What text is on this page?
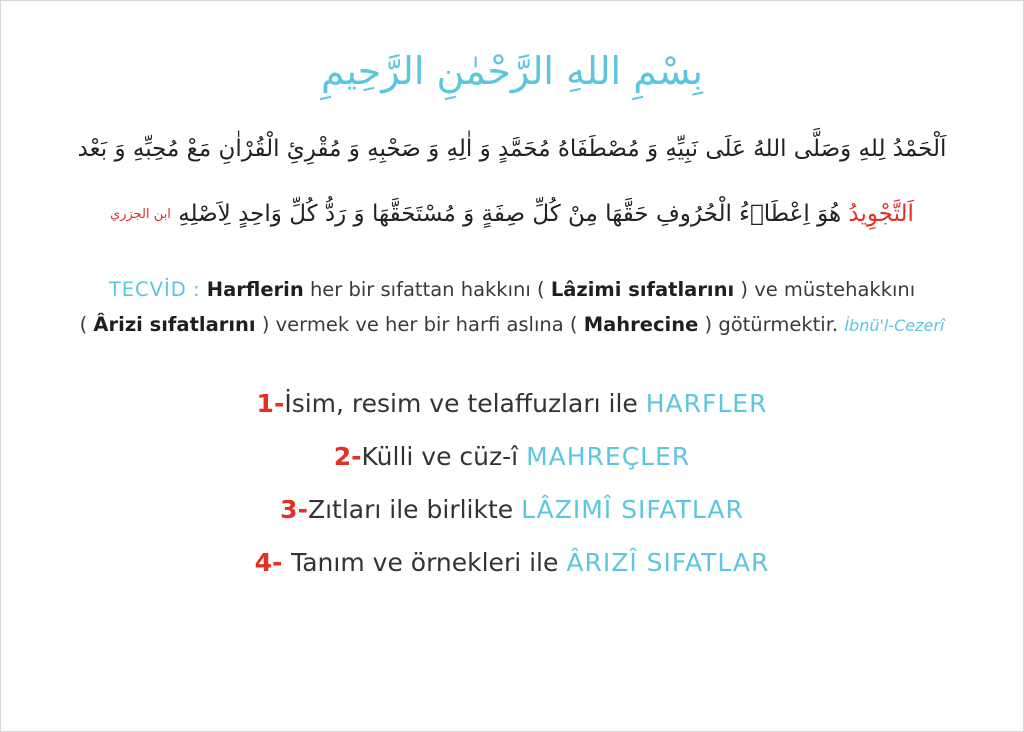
بِسْمِ اللهِ الرَّحْمٰنِ الرَّحِيمِ
اَلْحَمْدُ لِلهِ وَصَلَّى اللهُ عَلَى نَبِيِّهِ وَ مُصْطَفَاهُ مُحَمَّدٍ وَ اٰلِهِ وَ صَحْبِهِ وَ مُقْرِئِ الْقُرْاٰنِ مَعْ مُحِبِّهِ وَ بَعْد
اَلتَّجْوِيدُ هُوَ اِعْطَاۤءُ الْحُرُوفِ حَقَّهَا مِنْ كُلِّ صِفَةٍ وَ مُسْتَحَقَّهَا وَ رَدُّ كُلِّ وَاحِدٍ لِاَصْلِهِ ابن الجزري
TECVİD : Harflerin her bir sıfattan hakkını ( Lâzimi sıfatlarını ) ve müstehakkını
( Ârizi sıfatlarını ) vermek ve her bir harfi aslına ( Mahrecine ) götürmektir. İbnü'l-Cezerî
1-İsim, resim ve telaffuzları ile HARFLER
2-Külli ve cüz-î MAHREÇLER
3-Zıtları ile birlikte LÂZIMÎ SIFATLAR
4- Tanım ve örnekleri ile ÂRIZÎ SIFATLAR
